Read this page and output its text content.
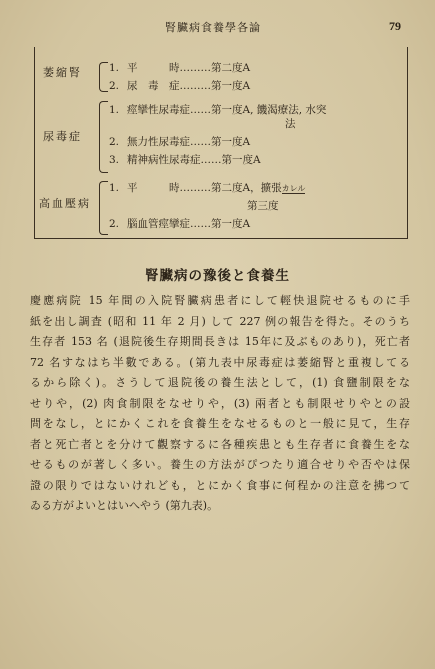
腎臟病食養學各論	79
萎縮腎	1. 平　　　時………第二度A
2. 尿　毒　症………第一度A
尿毒症
1. 痙攣性尿毒症……第一度A, 饑渴療法, 水突
法
2. 無力性尿毒症……第一度A
3. 精神病性尿毒症……第一度A
高血壓病
1. 平　　　時………第二度A，擴張カレル
第三度
2. 腦血管痙攣症……第一度A
腎臟病の豫後と食養生
慶應病院 15 年間の入院腎臟病患者にして輕快退院せるものに手
紙を出し調査 (昭和 11 年 2 月) して 227 例の報告を得た。そのうち
生存者 153 名 (退院後生存期間長きは 15年に及ぶものあり)，死亡者
72 名すなはち半數である。(第九表中尿毒症は萎縮腎と重複してる
るから除く)。さうして退院後の養生法として，(1) 食鹽制限をな
せりや，(2) 肉食制限をなせりや，(3) 兩者とも制限せりやとの設
問をなし，とにかくこれを食養生をなせるものと一般に見て，生存
者と死亡者とを分けて觀察するに各種疾患とも生存者に食養生をな
せるものが著しく多い。養生の方法がぴつたり適合せりや否やは保
證の限りではないけれども，とにかく食事に何程かの注意を拂つて
ゐる方がよいとはいへやう (第九表)。
